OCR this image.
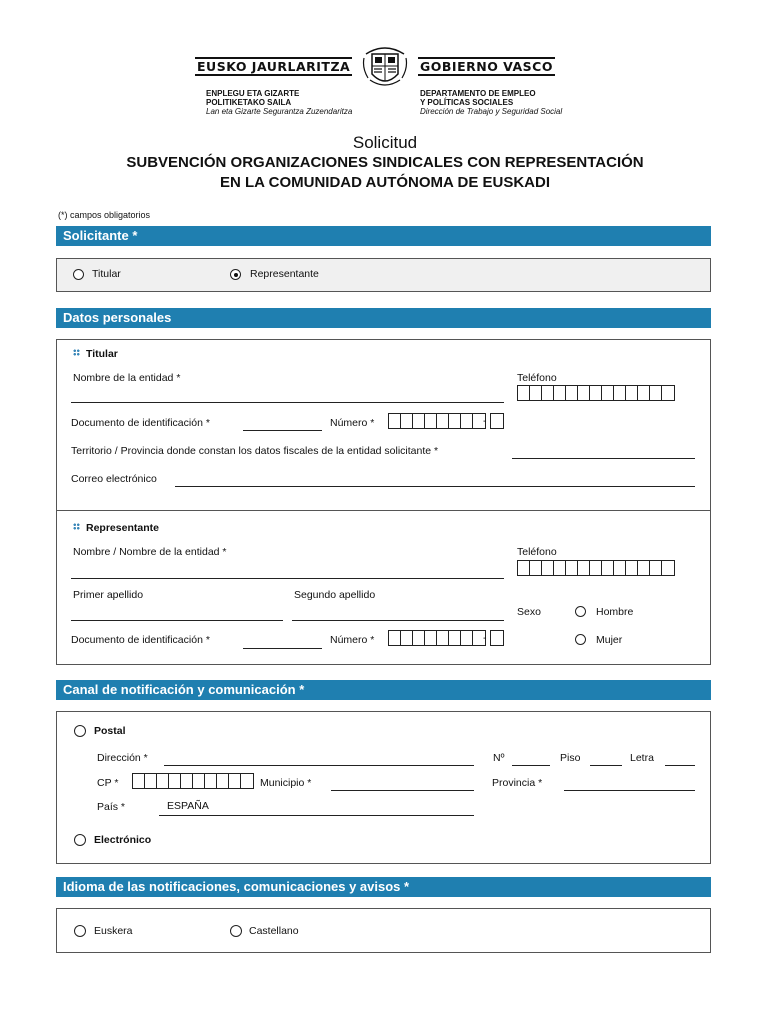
EUSKO JAURLARITZA	GOBIERNO VASCO
ENPLEGU ETA GIZARTE
POLITIKETAKO SAILA
Lan eta Gizarte Segurantza Zuzendaritza
DEPARTAMENTO DE EMPLEO
Y POLÍTICAS SOCIALES
Dirección de Trabajo y Seguridad Social
Solicitud
SUBVENCIÓN ORGANIZACIONES SINDICALES CON REPRESENTACIÓN
EN LA COMUNIDAD AUTÓNOMA DE EUSKADI
(*) campos obligatorios
Solicitante *
Titular	Representante
Datos personales
Titular
Nombre de la entidad *	Teléfono
Documento de identificación *	Número *	-
Territorio / Provincia donde constan los datos fiscales de la entidad solicitante *
Correo electrónico
Representante
Nombre / Nombre de la entidad *	Teléfono
Primer apellido	Segundo apellido
Sexo	Hombre
Mujer
Documento de identificación *	Número *	-
Canal de notificación y comunicación *
Postal
Dirección *	Nº	Piso	Letra
CP *	Municipio *	Provincia *
País *	ESPAÑA
Electrónico
Idioma de las notificaciones, comunicaciones y avisos *
Euskera	Castellano
